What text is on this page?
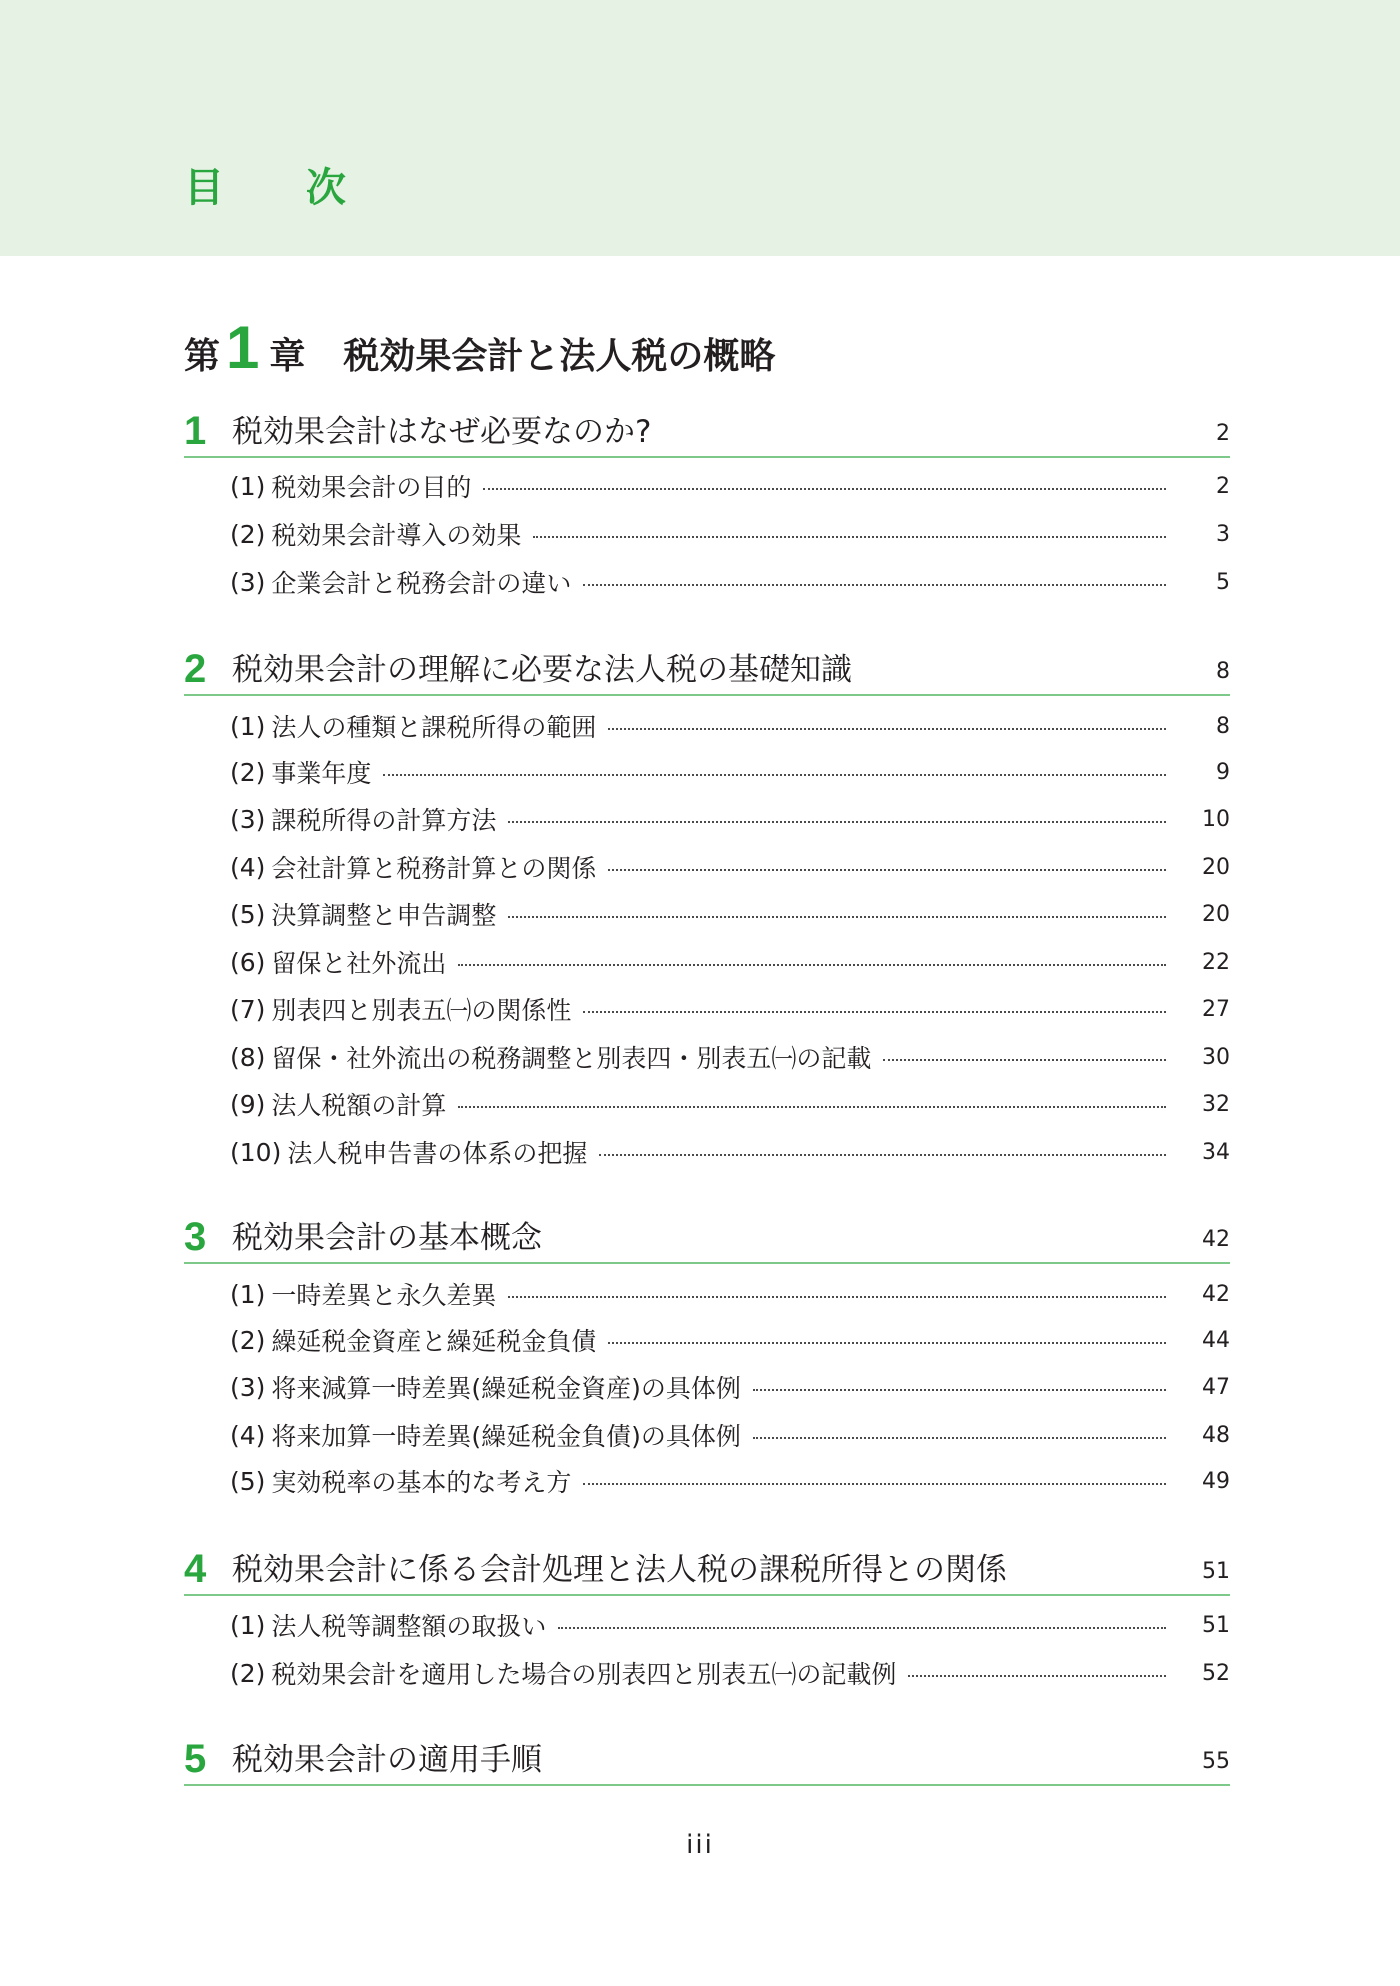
目 次
第 1 章 税効果会計と法人税の概略
1 税効果会計はなぜ必要なのか?	2
(1) 税効果会計の目的	2
(2) 税効果会計導入の効果	3
(3) 企業会計と税務会計の違い	5
2 税効果会計の理解に必要な法人税の基礎知識	8
(1) 法人の種類と課税所得の範囲	8
(2) 事業年度	9
(3) 課税所得の計算方法	10
(4) 会社計算と税務計算との関係	20
(5) 決算調整と申告調整	20
(6) 留保と社外流出	22
(7) 別表四と別表五㈠の関係性	27
(8) 留保・社外流出の税務調整と別表四・別表五㈠の記載	30
(9) 法人税額の計算	32
(10) 法人税申告書の体系の把握	34
3 税効果会計の基本概念	42
(1) 一時差異と永久差異	42
(2) 繰延税金資産と繰延税金負債	44
(3) 将来減算一時差異(繰延税金資産)の具体例	47
(4) 将来加算一時差異(繰延税金負債)の具体例	48
(5) 実効税率の基本的な考え方	49
4 税効果会計に係る会計処理と法人税の課税所得との関係	51
(1) 法人税等調整額の取扱い	51
(2) 税効果会計を適用した場合の別表四と別表五㈠の記載例	52
5 税効果会計の適用手順	55
iii
